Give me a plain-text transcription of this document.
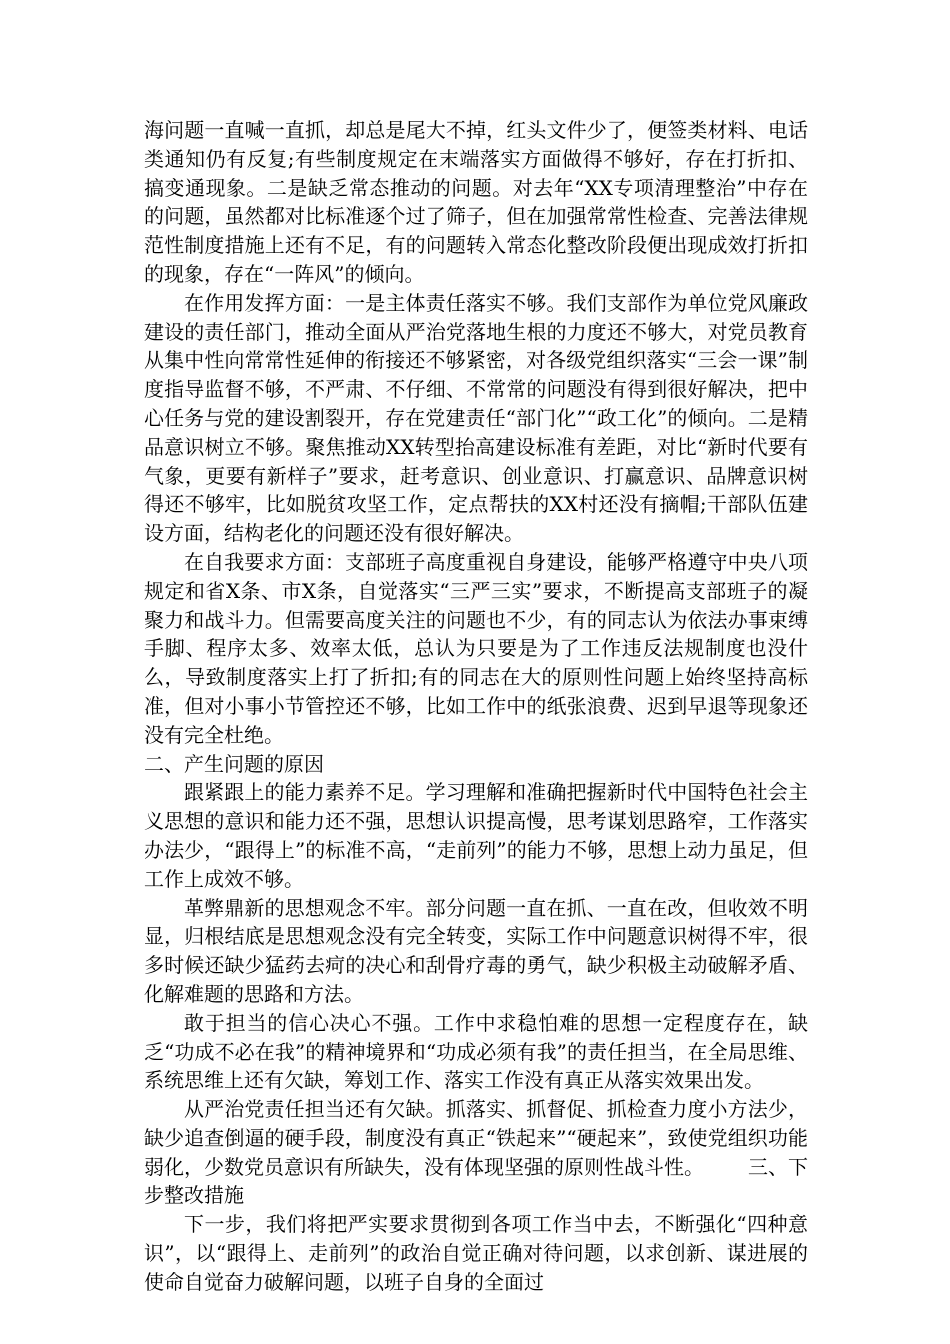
海问题一直喊一直抓，却总是尾大不掉，红头文件少了，便签类材料、电话类通知仍有反复;有些制度规定在末端落实方面做得不够好，存在打折扣、搞变通现象。二是缺乏常态推动的问题。对去年“XX专项清理整治”中存在的问题，虽然都对比标准逐个过了筛子，但在加强常常性检查、完善法律规范性制度措施上还有不足，有的问题转入常态化整改阶段便出现成效打折扣的现象，存在“一阵风”的倾向。

在作用发挥方面：一是主体责任落实不够。我们支部作为单位党风廉政建设的责任部门，推动全面从严治党落地生根的力度还不够大，对党员教育从集中性向常常性延伸的衔接还不够紧密，对各级党组织落实“三会一课”制度指导监督不够，不严肃、不仔细、不常常的问题没有得到很好解决，把中心任务与党的建设割裂开，存在党建责任“部门化”“政工化”的倾向。二是精品意识树立不够。聚焦推动XX转型抬高建设标准有差距，对比“新时代要有气象，更要有新样子”要求，赶考意识、创业意识、打赢意识、品牌意识树得还不够牢，比如脱贫攻坚工作，定点帮扶的XX村还没有摘帽;干部队伍建设方面，结构老化的问题还没有很好解决。

在自我要求方面：支部班子高度重视自身建设，能够严格遵守中央八项规定和省X条、市X条，自觉落实“三严三实”要求，不断提高支部班子的凝聚力和战斗力。但需要高度关注的问题也不少，有的同志认为依法办事束缚手脚、程序太多、效率太低，总认为只要是为了工作违反法规制度也没什么，导致制度落实上打了折扣;有的同志在大的原则性问题上始终坚持高标准，但对小事小节管控还不够，比如工作中的纸张浪费、迟到早退等现象还没有完全杜绝。

二、产生问题的原因

跟紧跟上的能力素养不足。学习理解和准确把握新时代中国特色社会主义思想的意识和能力还不强，思想认识提高慢，思考谋划思路窄，工作落实办法少，“跟得上”的标准不高，“走前列”的能力不够，思想上动力虽足，但工作上成效不够。

革弊鼎新的思想观念不牢。部分问题一直在抓、一直在改，但收效不明显，归根结底是思想观念没有完全转变，实际工作中问题意识树得不牢，很多时候还缺少猛药去疴的决心和刮骨疗毒的勇气，缺少积极主动破解矛盾、化解难题的思路和方法。

敢于担当的信心决心不强。工作中求稳怕难的思想一定程度存在，缺乏“功成不必在我”的精神境界和“功成必须有我”的责任担当，在全局思维、系统思维上还有欠缺，筹划工作、落实工作没有真正从落实效果出发。

从严治党责任担当还有欠缺。抓落实、抓督促、抓检查力度小方法少，缺少追查倒逼的硬手段，制度没有真正“铁起来”“硬起来”，致使党组织功能弱化，少数党员意识有所缺失，没有体现坚强的原则性战斗性。 三、下步整改措施

下一步，我们将把严实要求贯彻到各项工作当中去，不断强化“四种意识”，以“跟得上、走前列”的政治自觉正确对待问题，以求创新、谋进展的使命自觉奋力破解问题，以班子自身的全面过
